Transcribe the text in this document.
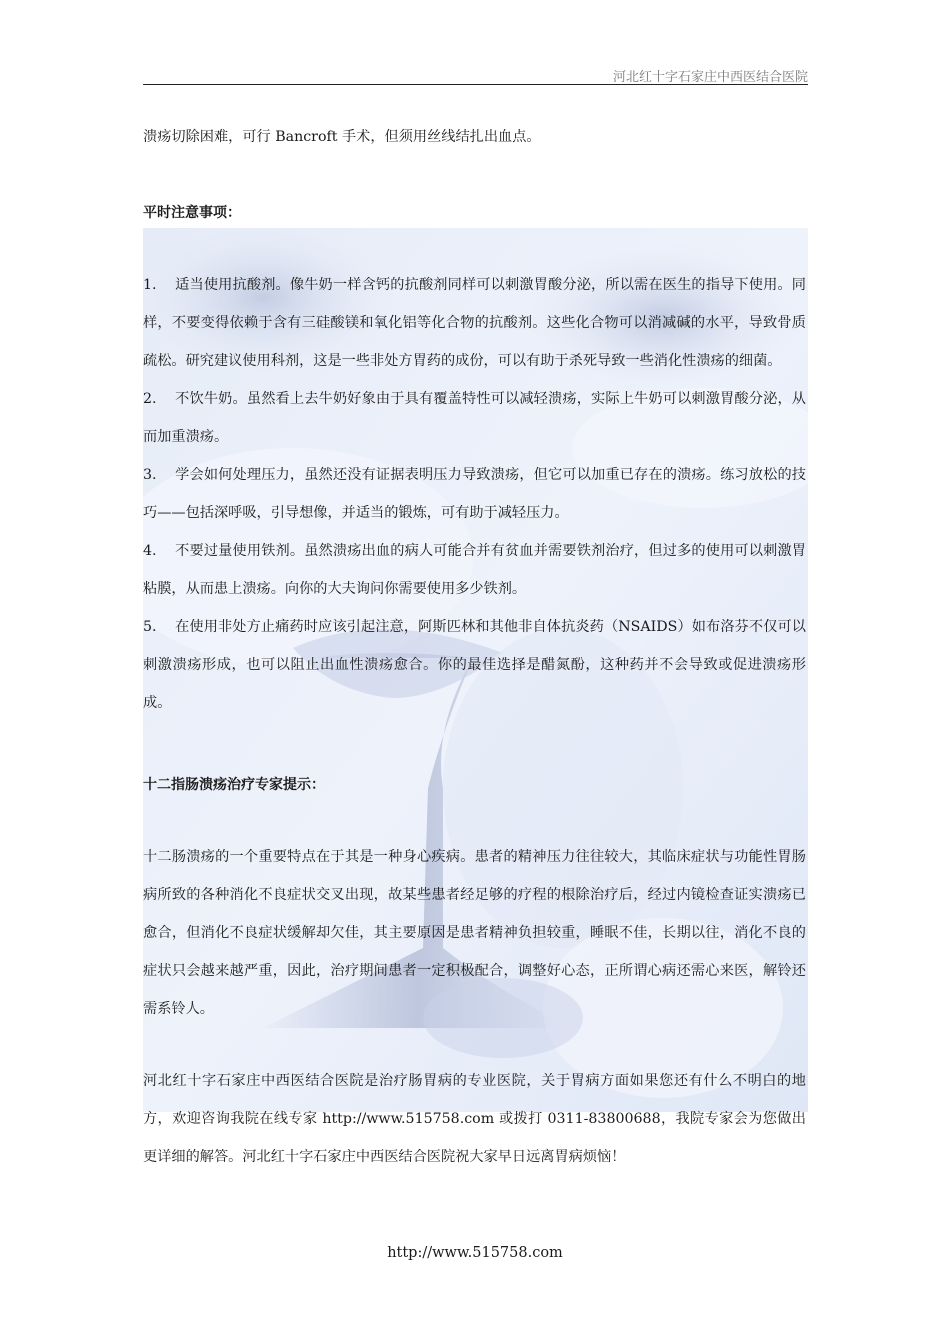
河北红十字石家庄中西医结合医院

溃疡切除困难，可行 Bancroft 手术，但须用丝线结扎出血点。

平时注意事项：

1. 适当使用抗酸剂。像牛奶一样含钙的抗酸剂同样可以刺激胃酸分泌，所以需在医生的指导下使用。同样，不要变得依赖于含有三硅酸镁和氧化铝等化合物的抗酸剂。这些化合物可以消减碱的水平，导致骨质疏松。研究建议使用科剂，这是一些非处方胃药的成份，可以有助于杀死导致一些消化性溃疡的细菌。

2. 不饮牛奶。虽然看上去牛奶好象由于具有覆盖特性可以减轻溃疡，实际上牛奶可以刺激胃酸分泌，从而加重溃疡。

3. 学会如何处理压力，虽然还没有证据表明压力导致溃疡，但它可以加重已存在的溃疡。练习放松的技巧——包括深呼吸，引导想像，并适当的锻炼，可有助于减轻压力。

4. 不要过量使用铁剂。虽然溃疡出血的病人可能合并有贫血并需要铁剂治疗，但过多的使用可以刺激胃粘膜，从而患上溃疡。向你的大夫询问你需要使用多少铁剂。

5. 在使用非处方止痛药时应该引起注意，阿斯匹林和其他非自体抗炎药（NSAIDS）如布洛芬不仅可以刺激溃疡形成，也可以阻止出血性溃疡愈合。你的最佳选择是醋氮酚，这种药并不会导致或促进溃疡形成。

十二指肠溃疡治疗专家提示：

十二肠溃疡的一个重要特点在于其是一种身心疾病。患者的精神压力往往较大，其临床症状与功能性胃肠病所致的各种消化不良症状交叉出现，故某些患者经足够的疗程的根除治疗后，经过内镜检查证实溃疡已愈合，但消化不良症状缓解却欠佳，其主要原因是患者精神负担较重，睡眠不佳，长期以往，消化不良的症状只会越来越严重，因此，治疗期间患者一定积极配合，调整好心态，正所谓心病还需心来医，解铃还需系铃人。

河北红十字石家庄中西医结合医院是治疗肠胃病的专业医院，关于胃病方面如果您还有什么不明白的地方，欢迎咨询我院在线专家 http://www.515758.com 或拨打 0311-83800688，我院专家会为您做出更详细的解答。河北红十字石家庄中西医结合医院祝大家早日远离胃病烦恼！

http://www.515758.com
